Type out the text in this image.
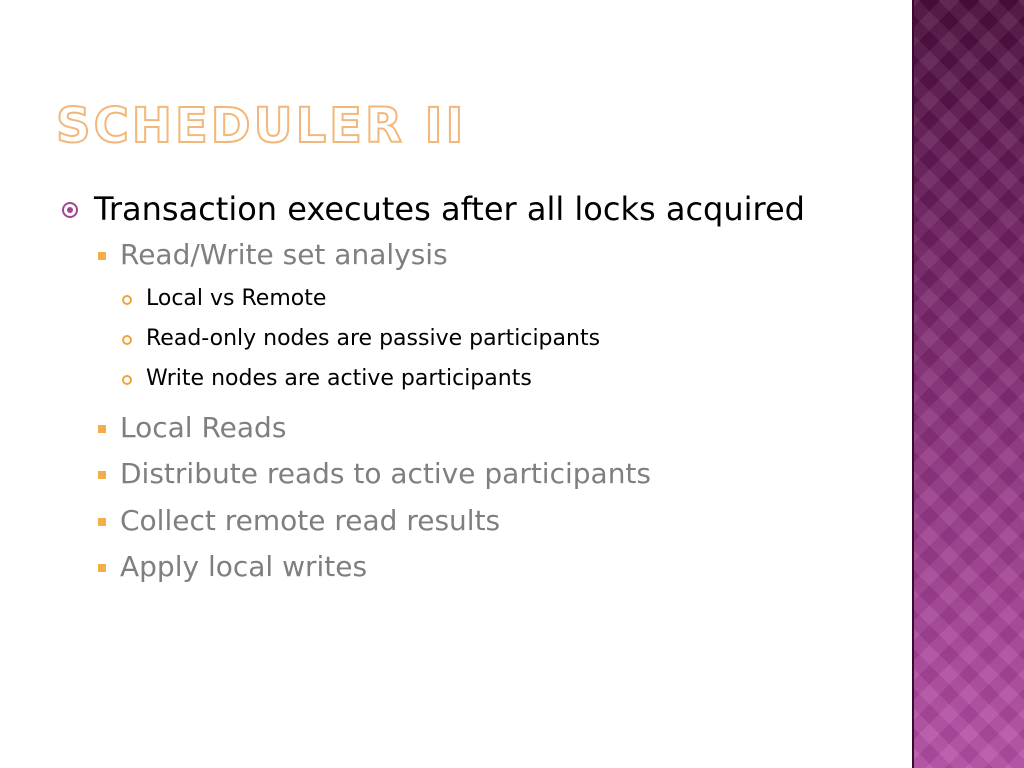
SCHEDULER II
Transaction executes after all locks acquired
Read/Write set analysis
Local vs Remote
Read-only nodes are passive participants
Write nodes are active participants
Local Reads
Distribute reads to active participants
Collect remote read results
Apply local writes
